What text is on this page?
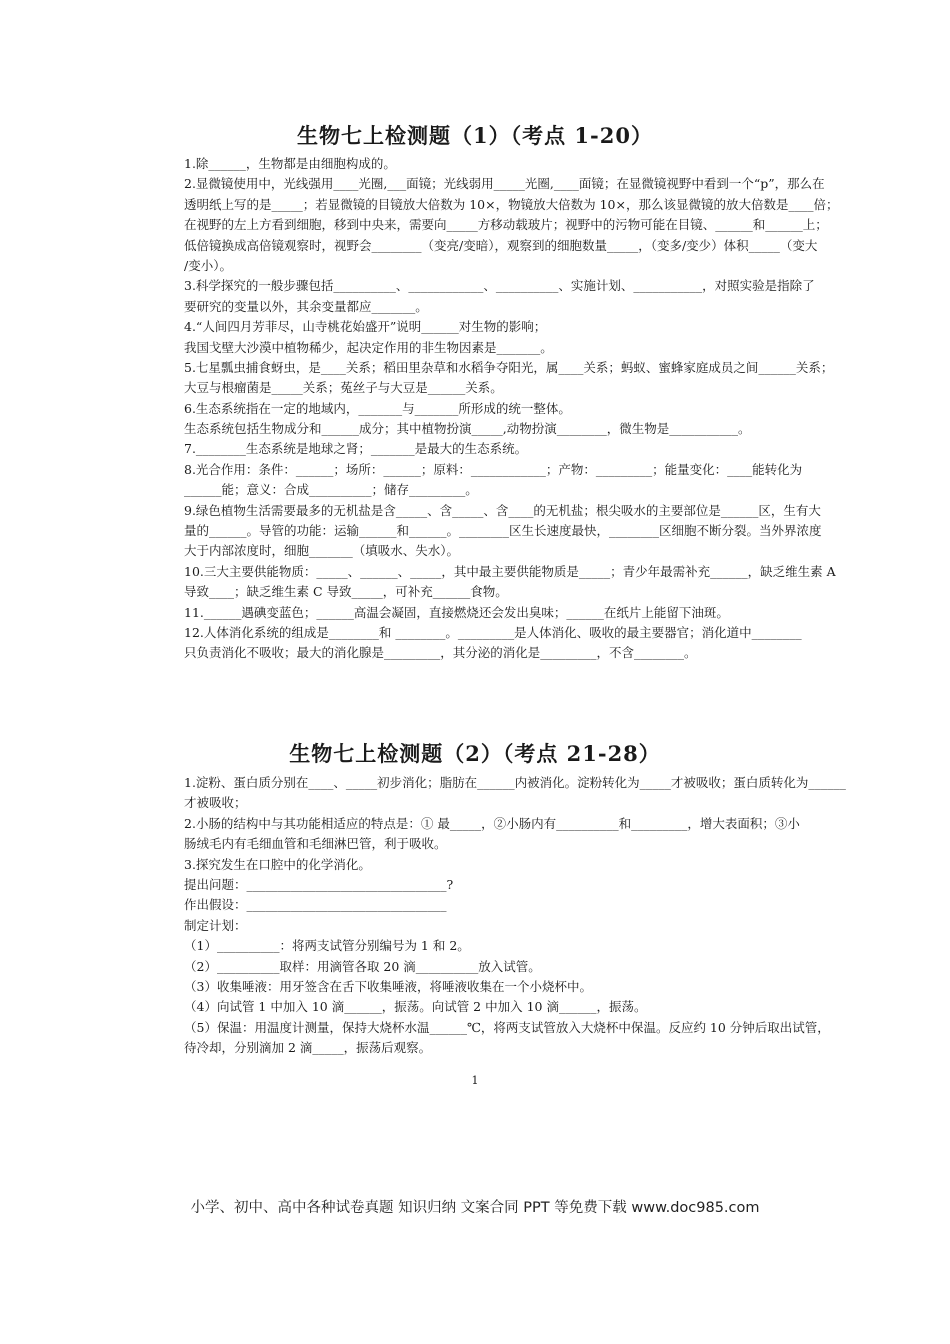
生物七上检测题（1）（考点 1-20）
1.除______，生物都是由细胞构成的。
2.显微镜使用中，光线强用____光圈,___面镜；光线弱用_____光圈,____面镜；在显微镜视野中看到一个“p”，那么在
透明纸上写的是_____；若显微镜的目镜放大倍数为 10×，物镜放大倍数为 10×，那么该显微镜的放大倍数是____倍；
在视野的左上方看到细胞，移到中央来，需要向_____方移动载玻片；视野中的污物可能在目镜、______和______上；
低倍镜换成高倍镜观察时，视野会________（变亮/变暗），观察到的细胞数量_____，（变多/变少）体积_____（变大
/变小）。
3.科学探究的一般步骤包括__________、____________、__________、实施计划、___________，对照实验是指除了
要研究的变量以外，其余变量都应_______。
4.“人间四月芳菲尽，山寺桃花始盛开”说明______对生物的影响；
我国戈壁大沙漠中植物稀少，起决定作用的非生物因素是_______。
5.七星瓢虫捕食蚜虫，是____关系；稻田里杂草和水稻争夺阳光，属____关系；蚂蚁、蜜蜂家庭成员之间______关系；
大豆与根瘤菌是_____关系；菟丝子与大豆是______关系。
6.生态系统指在一定的地域内，_______与_______所形成的统一整体。
生态系统包括生物成分和______成分；其中植物扮演_____,动物扮演________，微生物是___________。
7.________生态系统是地球之肾；_______是最大的生态系统。
8.光合作用：条件：______；场所：______；原料：____________；产物：_________；能量变化：____能转化为
______能；意义：合成__________；储存_________。
9.绿色植物生活需要最多的无机盐是含_____、含_____、含____的无机盐；根尖吸水的主要部位是______区，生有大
量的______。导管的功能：运输______和______。________区生长速度最快，________区细胞不断分裂。当外界浓度
大于内部浓度时，细胞_______（填吸水、失水）。
10.三大主要供能物质：_____、______、_____，其中最主要供能物质是_____；青少年最需补充______，缺乏维生素 A
导致____；缺乏维生素 C 导致_____，可补充______食物。
11.______遇碘变蓝色；______高温会凝固，直接燃烧还会发出臭味；______在纸片上能留下油斑。
12.人体消化系统的组成是________和 ________。_________是人体消化、吸收的最主要器官；消化道中________
只负责消化不吸收；最大的消化腺是_________，其分泌的消化是_________，不含________。
生物七上检测题（2）（考点 21-28）
1.淀粉、蛋白质分别在____、_____初步消化；脂肪在______内被消化。淀粉转化为_____才被吸收；蛋白质转化为______
才被吸收；
2.小肠的结构中与其功能相适应的特点是：① 最_____，②小肠内有__________和_________，增大表面积；③小
肠绒毛内有毛细血管和毛细淋巴管，利于吸收。
3.探究发生在口腔中的化学消化。
提出问题：________________________________?
作出假设：________________________________
制定计划：
（1）__________：将两支试管分别编号为 1 和 2。
（2）__________取样：用滴管各取 20 滴__________放入试管。
（3）收集唾液：用牙签含在舌下收集唾液，将唾液收集在一个小烧杯中。
（4）向试管 1 中加入 10 滴______，振荡。向试管 2 中加入 10 滴______，振荡。
（5）保温：用温度计测量，保持大烧杯水温______℃，将两支试管放入大烧杯中保温。反应约 10 分钟后取出试管，
待冷却，分别滴加 2 滴_____，振荡后观察。
1
小学、初中、高中各种试卷真题 知识归纳 文案合同 PPT 等免费下载 www.doc985.com
